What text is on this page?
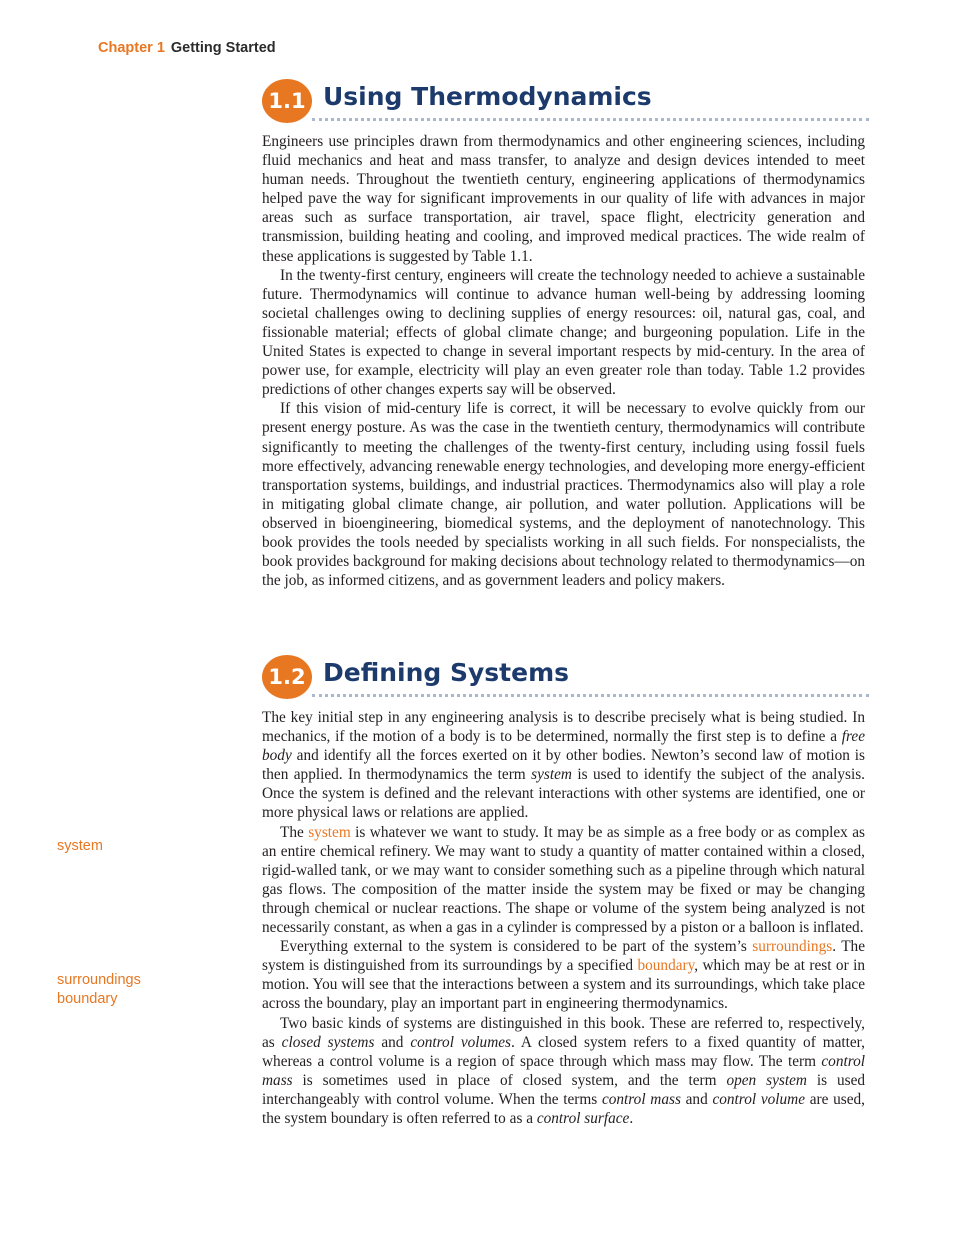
Chapter 1 Getting Started
1.1 Using Thermodynamics

Engineers use principles drawn from thermodynamics and other engineering sciences, including fluid mechanics and heat and mass transfer, to analyze and design devices intended to meet human needs. Throughout the twentieth century, engineering applications of thermodynamics helped pave the way for significant improvements in our quality of life with advances in major areas such as surface transportation, air travel, space flight, electricity generation and transmission, building heating and cooling, and improved medical practices. The wide realm of these applications is suggested by Table 1.1.

In the twenty-first century, engineers will create the technology needed to achieve a sustainable future. Thermodynamics will continue to advance human well-being by addressing looming societal challenges owing to declining supplies of energy resources: oil, natural gas, coal, and fissionable material; effects of global climate change; and burgeoning population. Life in the United States is expected to change in several important respects by mid-century. In the area of power use, for example, electricity will play an even greater role than today. Table 1.2 provides predictions of other changes experts say will be observed.

If this vision of mid-century life is correct, it will be necessary to evolve quickly from our present energy posture. As was the case in the twentieth century, thermodynamics will contribute significantly to meeting the challenges of the twenty-first century, including using fossil fuels more effectively, advancing renewable energy technologies, and developing more energy-efficient transportation systems, buildings, and industrial practices. Thermodynamics also will play a role in mitigating global climate change, air pollution, and water pollution. Applications will be observed in bioengineering, biomedical systems, and the deployment of nanotechnology. This book provides the tools needed by specialists working in all such fields. For nonspecialists, the book provides background for making decisions about technology related to thermodynamics—on the job, as informed citizens, and as government leaders and policy makers.

1.2 Defining Systems

The key initial step in any engineering analysis is to describe precisely what is being studied. In mechanics, if the motion of a body is to be determined, normally the first step is to define a free body and identify all the forces exerted on it by other bodies. Newton’s second law of motion is then applied. In thermodynamics the term system is used to identify the subject of the analysis. Once the system is defined and the relevant interactions with other systems are identified, one or more physical laws or relations are applied.

The system is whatever we want to study. It may be as simple as a free body or as complex as an entire chemical refinery. We may want to study a quantity of matter contained within a closed, rigid-walled tank, or we may want to consider something such as a pipeline through which natural gas flows. The composition of the matter inside the system may be fixed or may be changing through chemical or nuclear reactions. The shape or volume of the system being analyzed is not necessarily constant, as when a gas in a cylinder is compressed by a piston or a balloon is inflated.

Everything external to the system is considered to be part of the system’s surroundings. The system is distinguished from its surroundings by a specified boundary, which may be at rest or in motion. You will see that the interactions between a system and its surroundings, which take place across the boundary, play an important part in engineering thermodynamics.

Two basic kinds of systems are distinguished in this book. These are referred to, respectively, as closed systems and control volumes. A closed system refers to a fixed quantity of matter, whereas a control volume is a region of space through which mass may flow. The term control mass is sometimes used in place of closed system, and the term open system is used interchangeably with control volume. When the terms control mass and control volume are used, the system boundary is often referred to as a control surface.

system
surroundings
boundary
